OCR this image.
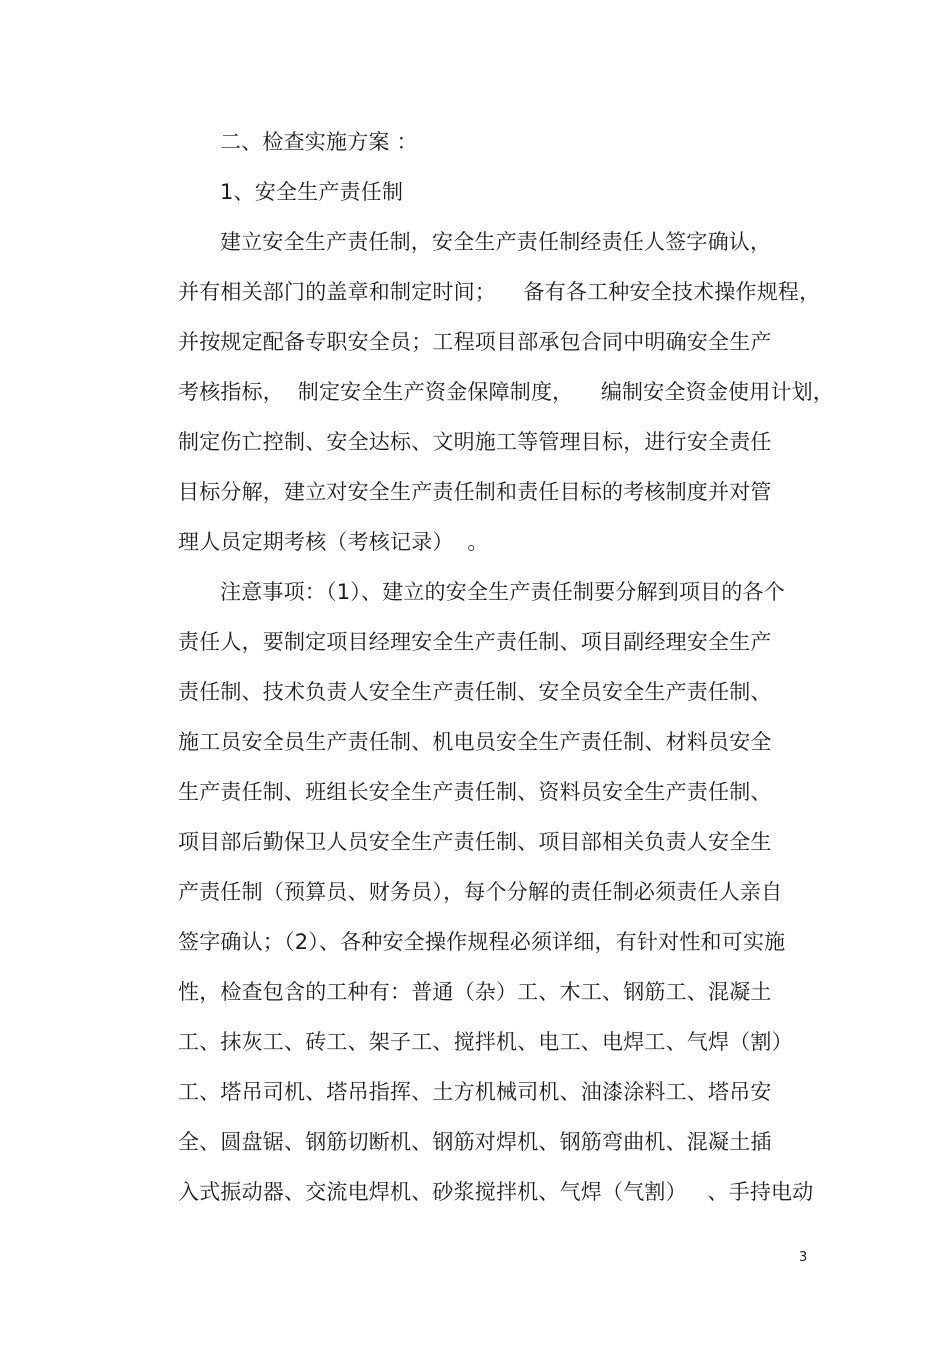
二、检查实施方案 ：
1、安全生产责任制
建立安全生产责任制，安全生产责任制经责任人签字确认，
并有相关部门的盖章和制定时间；    备有各工种安全技术操作规程，
并按规定配备专职安全员；工程项目部承包合同中明确安全生产
考核指标，  制定安全生产资金保障制度，    编制安全资金使用计划，
制定伤亡控制、安全达标、文明施工等管理目标，进行安全责任
目标分解，建立对安全生产责任制和责任目标的考核制度并对管
理人员定期考核（考核记录）  。
注意事项：（1）、建立的安全生产责任制要分解到项目的各个
责任人，要制定项目经理安全生产责任制、项目副经理安全生产
责任制、技术负责人安全生产责任制、安全员安全生产责任制、
施工员安全员生产责任制、机电员安全生产责任制、材料员安全
生产责任制、班组长安全生产责任制、资料员安全生产责任制、
项目部后勤保卫人员安全生产责任制、项目部相关负责人安全生
产责任制（预算员、财务员），每个分解的责任制必须责任人亲自
签字确认；（2）、各种安全操作规程必须详细，有针对性和可实施
性，检查包含的工种有：普通（杂）工、木工、钢筋工、混凝土
工、抹灰工、砖工、架子工、搅拌机、电工、电焊工、气焊（割）
工、塔吊司机、塔吊指挥、土方机械司机、油漆涂料工、塔吊安
全、圆盘锯、钢筋切断机、钢筋对焊机、钢筋弯曲机、混凝土插
入式振动器、交流电焊机、砂浆搅拌机、气焊（气割）   、手持电动
3
